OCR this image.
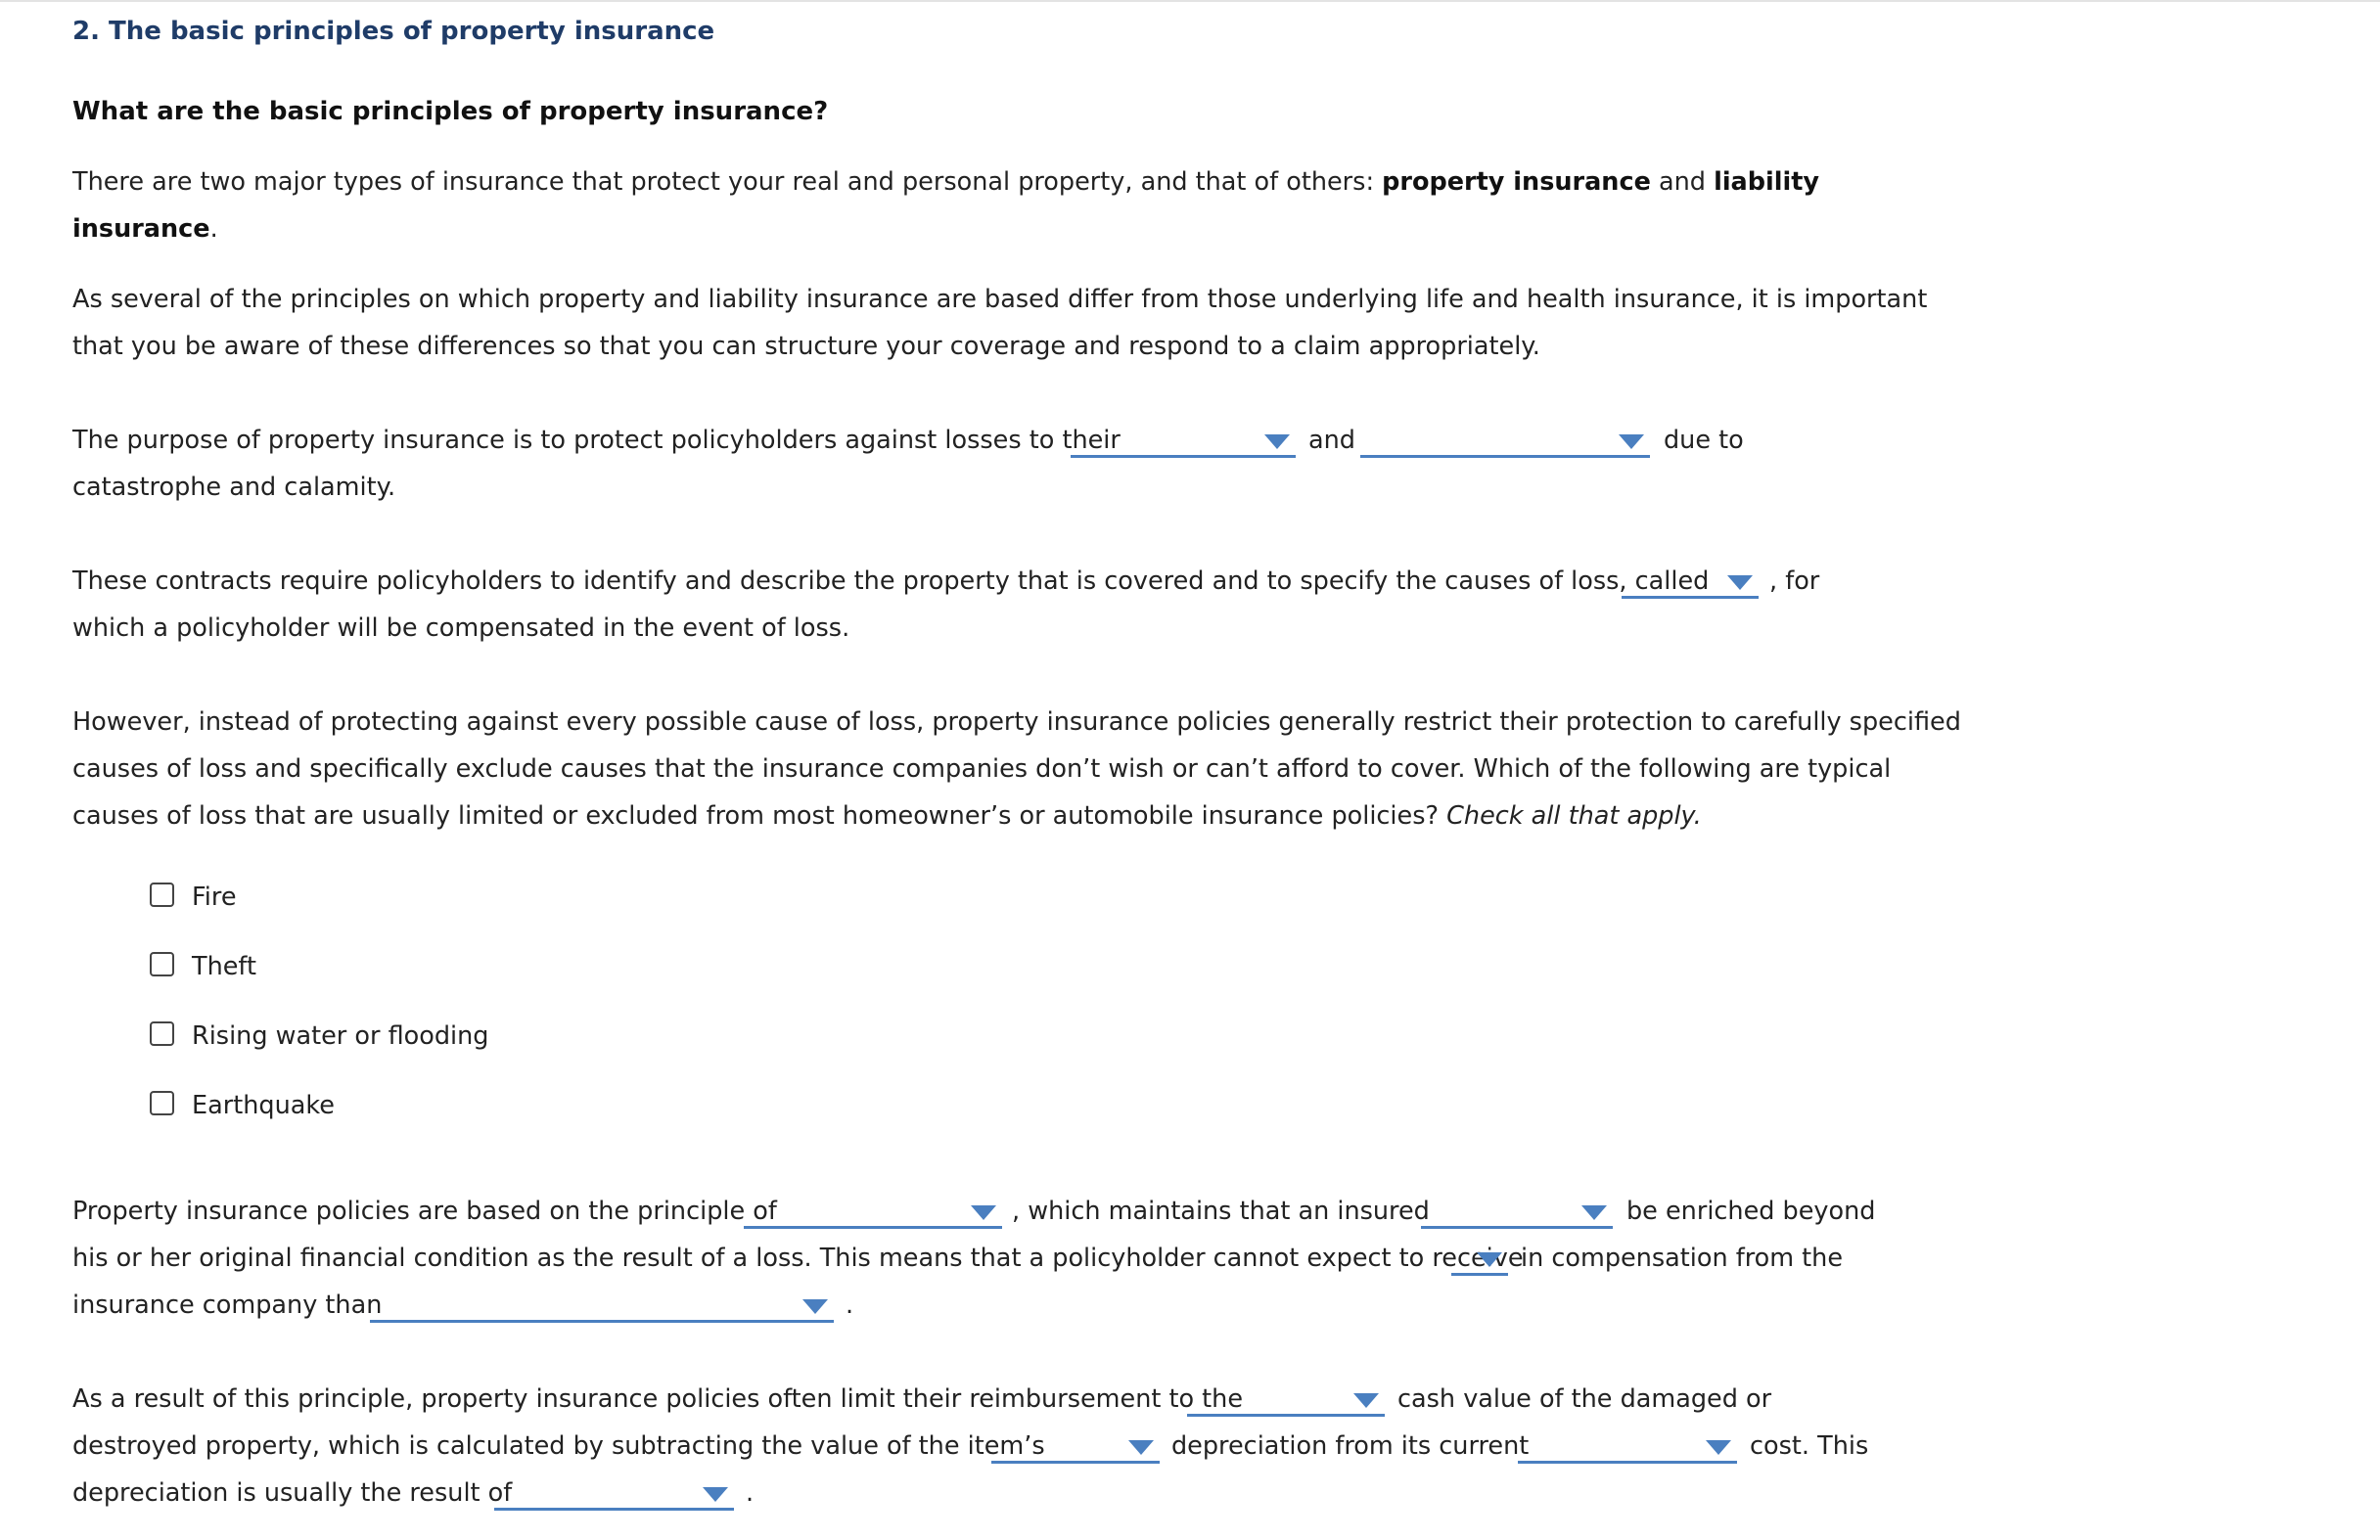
2. The basic principles of property insurance
What are the basic principles of property insurance?
There are two major types of insurance that protect your real and personal property, and that of others: property insurance and liability
insurance.
As several of the principles on which property and liability insurance are based differ from those underlying life and health insurance, it is important
that you be aware of these differences so that you can structure your coverage and respond to a claim appropriately.
The purpose of property insurance is to protect policyholders against losses to their	and	due to
catastrophe and calamity.
These contracts require policyholders to identify and describe the property that is covered and to specify the causes of loss, called , for
which a policyholder will be compensated in the event of loss.
However, instead of protecting against every possible cause of loss, property insurance policies generally restrict their protection to carefully specified
causes of loss and specifically exclude causes that the insurance companies don’t wish or can’t afford to cover. Which of the following are typical
causes of loss that are usually limited or excluded from most homeowner’s or automobile insurance policies? Check all that apply.
Fire
Theft
Rising water or flooding
Earthquake
Property insurance policies are based on the principle of	, which maintains that an insured	be enriched beyond
his or her original financial condition as the result of a loss. This means that a policyholder cannot expect to receive
in compensation from the
insurance company than	.
As a result of this principle, property insurance policies often limit their reimbursement to the	cash value of the damaged or
destroyed property, which is calculated by subtracting the value of the item’s	depreciation from its current	cost. This
depreciation is usually the result of	.
